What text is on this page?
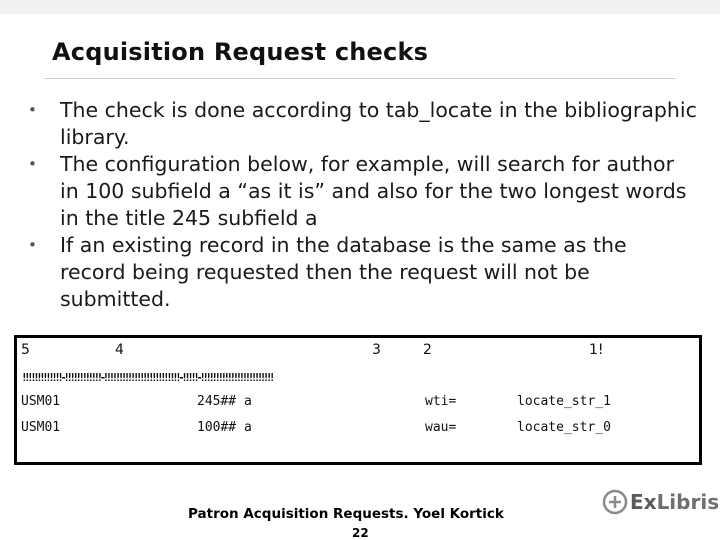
Acquisition Request checks
• The check is done according to tab_locate in the bibliographic library.
• The configuration below, for example, will search for author in 100 subfield a “as it is” and also for the two longest words in the title 245 subfield a
• If an existing record in the database is the same as the record being requested then the request will not be submitted.
5	4	3	2	1!
!!!!!!!!!!!!!-!!!!!!!!!!!!-!!!!!!!!!!!!!!!!!!!!!!!!!-!!!!!-!!!!!!!!!!!!!!!!!!!!!!!!
USM01	245## a	wti=	locate_str_1
USM01	100## a	wau=	locate_str_0
Patron Acquisition Requests. Yoel Kortick
22
ExLibris
